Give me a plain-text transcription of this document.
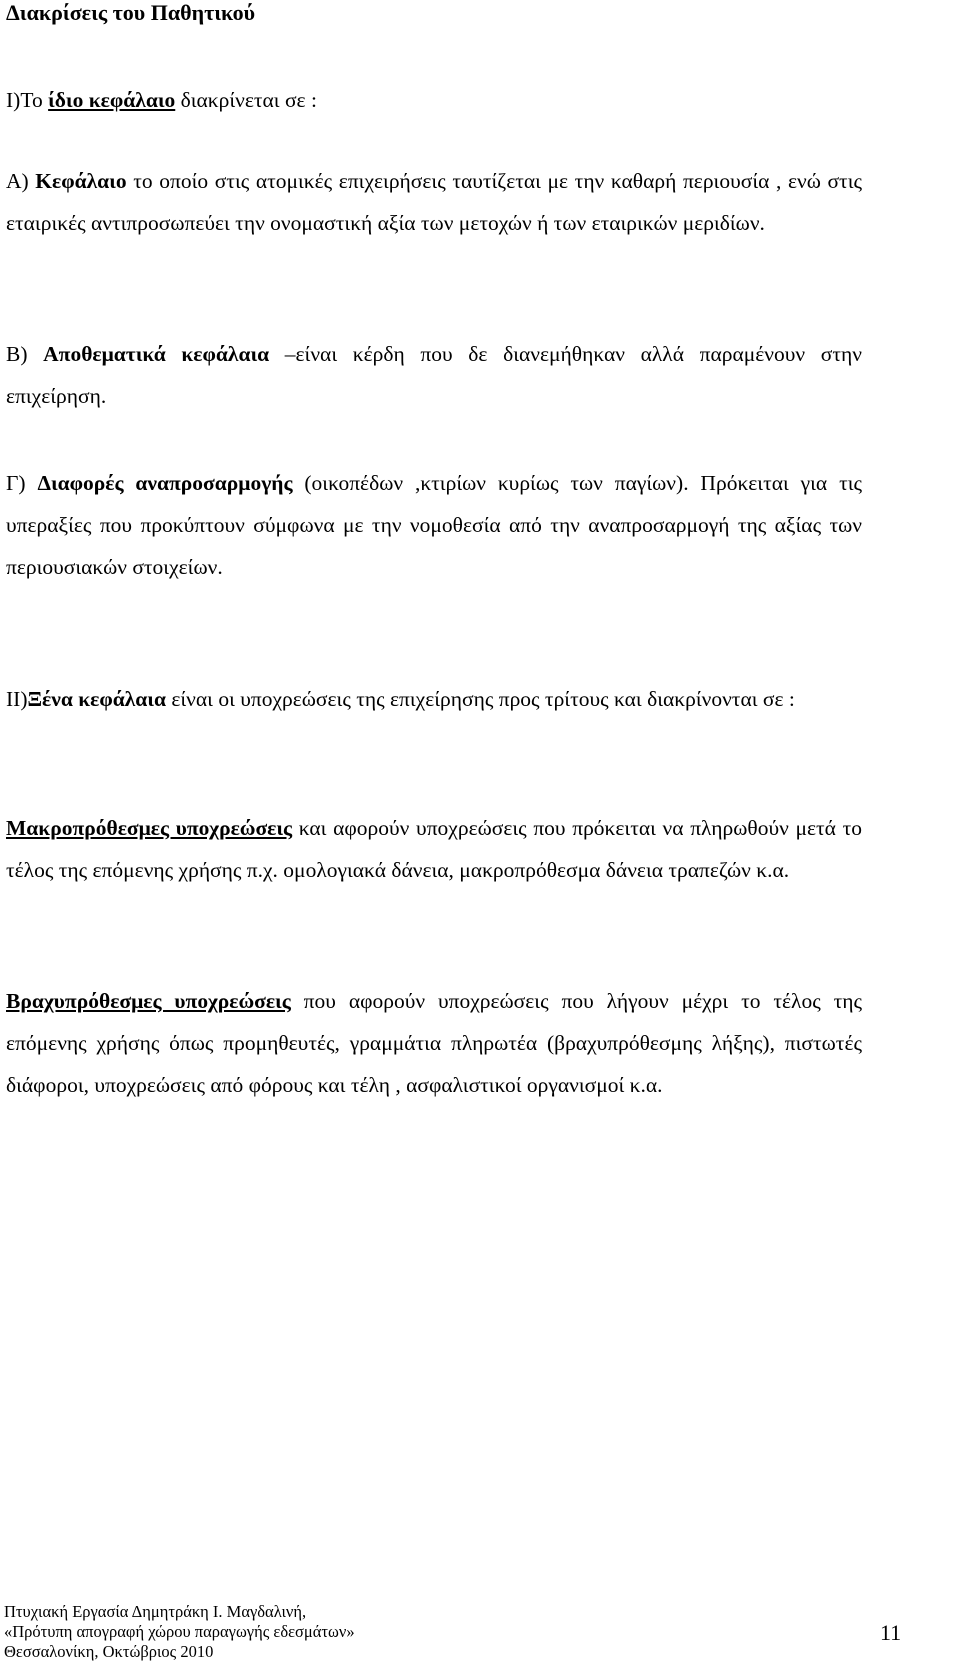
Διακρίσεις του Παθητικού
I)Το ίδιο κεφάλαιο διακρίνεται σε :
Α) Κεφάλαιο το οποίο στις ατομικές επιχειρήσεις ταυτίζεται με την καθαρή περιουσία , ενώ στις εταιρικές αντιπροσωπεύει την ονομαστική αξία των μετοχών ή των εταιρικών μεριδίων.
Β) Αποθεματικά κεφάλαια –είναι κέρδη που δε διανεμήθηκαν αλλά παραμένουν στην επιχείρηση.
Γ) Διαφορές αναπροσαρμογής (οικοπέδων ,κτιρίων κυρίως των παγίων). Πρόκειται για τις υπεραξίες που προκύπτουν σύμφωνα με την νομοθεσία από την αναπροσαρμογή της αξίας των περιουσιακών στοιχείων.
II)Ξένα κεφάλαια είναι οι υποχρεώσεις της επιχείρησης προς τρίτους και διακρίνονται σε :
Μακροπρόθεσμες υποχρεώσεις και αφορούν υποχρεώσεις που πρόκειται να πληρωθούν μετά το τέλος της επόμενης χρήσης π.χ. ομολογιακά δάνεια, μακροπρόθεσμα δάνεια τραπεζών κ.α.
Βραχυπρόθεσμες υποχρεώσεις που αφορούν υποχρεώσεις που λήγουν μέχρι το τέλος της επόμενης χρήσης όπως προμηθευτές, γραμμάτια πληρωτέα (βραχυπρόθεσμης λήξης), πιστωτές διάφοροι, υποχρεώσεις από φόρους και τέλη , ασφαλιστικοί οργανισμοί κ.α.
Πτυχιακή Εργασία Δημητράκη Ι. Μαγδαλινή,
«Πρότυπη απογραφή χώρου παραγωγής εδεσμάτων»
Θεσσαλονίκη, Οκτώβριος 2010
11
